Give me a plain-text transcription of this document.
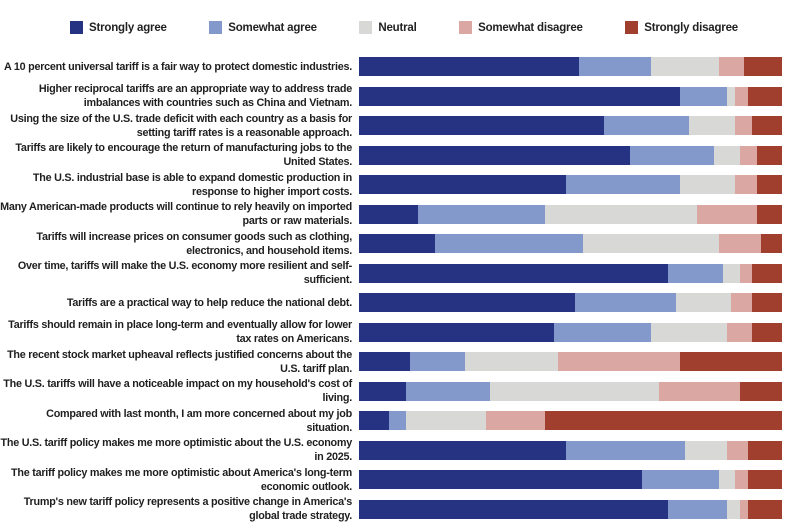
Strongly agree	Somewhat agree	Neutral	Somewhat disagree	Strongly disagree
A 10 percent universal tariff is a fair way to protect domestic industries.
Higher reciprocal tariffs are an appropriate way to address trade imbalances with countries such as China and Vietnam.
Using the size of the U.S. trade deficit with each country as a basis for setting tariff rates is a reasonable approach.
Tariffs are likely to encourage the return of manufacturing jobs to the United States.
The U.S. industrial base is able to expand domestic production in response to higher import costs.
Many American-made products will continue to rely heavily on imported parts or raw materials.
Tariffs will increase prices on consumer goods such as clothing, electronics, and household items.
Over time, tariffs will make the U.S. economy more resilient and self-sufficient.
Tariffs are a practical way to help reduce the national debt.
Tariffs should remain in place long-term and eventually allow for lower tax rates on Americans.
The recent stock market upheaval reflects justified concerns about the U.S. tariff plan.
The U.S. tariffs will have a noticeable impact on my household's cost of living.
Compared with last month, I am more concerned about my job situation.
The U.S. tariff policy makes me more optimistic about the U.S. economy in 2025.
The tariff policy makes me more optimistic about America's long-term economic outlook.
Trump's new tariff policy represents a positive change in America's global trade strategy.
